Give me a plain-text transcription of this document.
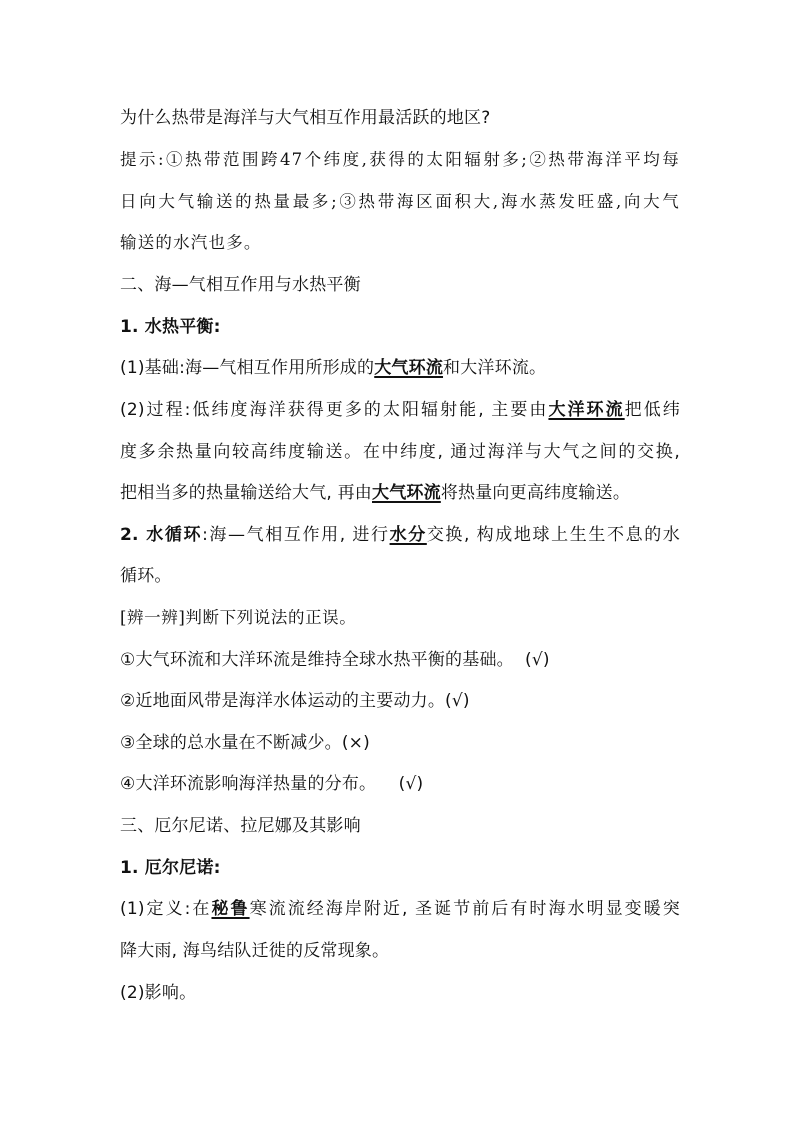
为什么热带是海洋与大气相互作用最活跃的地区?
提示:①热带范围跨47个纬度,获得的太阳辐射多;②热带海洋平均每
日向大气输送的热量最多;③热带海区面积大,海水蒸发旺盛,向大气
输送的水汽也多。
二、海—气相互作用与水热平衡
1. 水热平衡:
(1)基础:海—气相互作用所形成的大气环流和大洋环流。
(2)过程:低纬度海洋获得更多的太阳辐射能, 主要由大洋环流把低纬
度多余热量向较高纬度输送。在中纬度, 通过海洋与大气之间的交换,
把相当多的热量输送给大气, 再由大气环流将热量向更高纬度输送。
2. 水循环:海—气相互作用, 进行水分交换, 构成地球上生生不息的水
循环。
[辨一辨]判断下列说法的正误。
①大气环流和大洋环流是维持全球水热平衡的基础。  (√)
②近地面风带是海洋水体运动的主要动力。(√)
③全球的总水量在不断减少。(×)
④大洋环流影响海洋热量的分布。    (√)
三、厄尔尼诺、拉尼娜及其影响
1. 厄尔尼诺:
(1)定义:在秘鲁寒流流经海岸附近, 圣诞节前后有时海水明显变暖突
降大雨, 海鸟结队迁徙的反常现象。
(2)影响。
